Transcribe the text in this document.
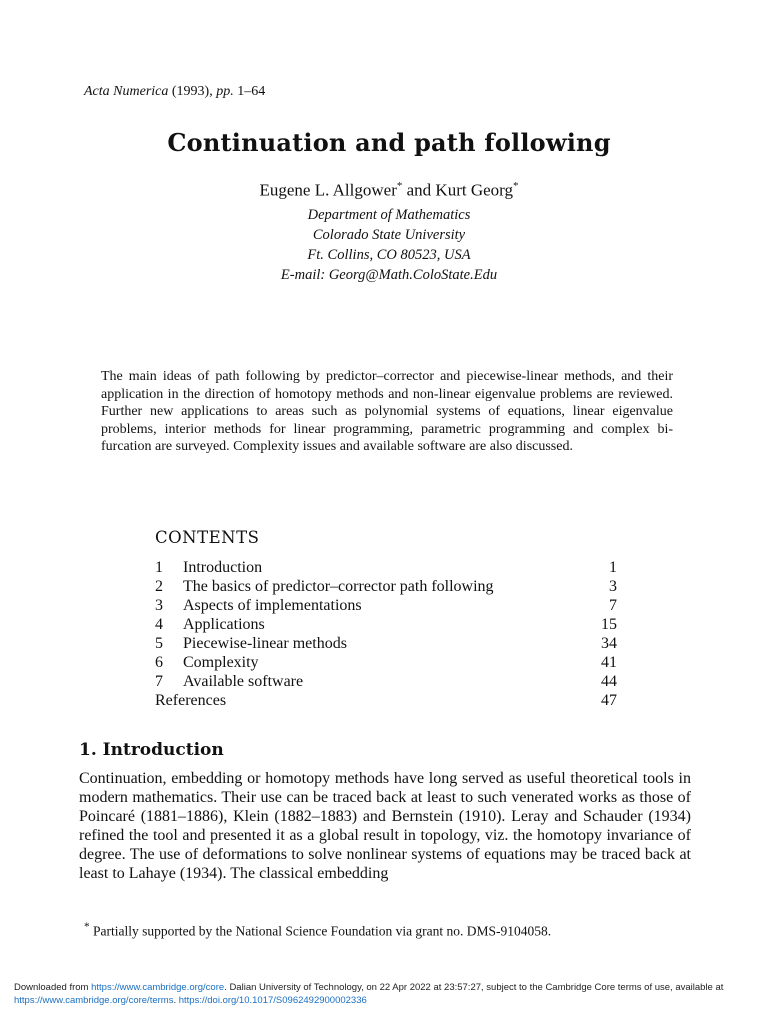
Acta Numerica (1993), pp. 1–64
Continuation and path following
Eugene L. Allgower* and Kurt Georg*
Department of Mathematics
Colorado State University
Ft. Collins, CO 80523, USA
E-mail: Georg@Math.ColoState.Edu
The main ideas of path following by predictor–corrector and piecewise-linear methods, and their application in the direction of homotopy methods and non-linear eigenvalue problems are reviewed. Further new applications to areas such as polynomial systems of equations, linear eigenvalue problems, interior methods for linear programming, parametric programming and complex bi-furcation are surveyed. Complexity issues and available software are also discussed.
CONTENTS
1 Introduction	1
2 The basics of predictor–corrector path following	3
3 Aspects of implementations	7
4 Applications	15
5 Piecewise-linear methods	34
6 Complexity	41
7 Available software	44
References	47
1. Introduction
Continuation, embedding or homotopy methods have long served as useful theoretical tools in modern mathematics. Their use can be traced back at least to such venerated works as those of Poincaré (1881–1886), Klein (1882–1883) and Bernstein (1910). Leray and Schauder (1934) refined the tool and presented it as a global result in topology, viz. the homotopy invariance of degree. The use of deformations to solve nonlinear systems of equations may be traced back at least to Lahaye (1934). The classical embedding
* Partially supported by the National Science Foundation via grant no. DMS-9104058.
Downloaded from https://www.cambridge.org/core. Dalian University of Technology, on 22 Apr 2022 at 23:57:27, subject to the Cambridge Core terms of use, available at https://www.cambridge.org/core/terms. https://doi.org/10.1017/S0962492900002336
